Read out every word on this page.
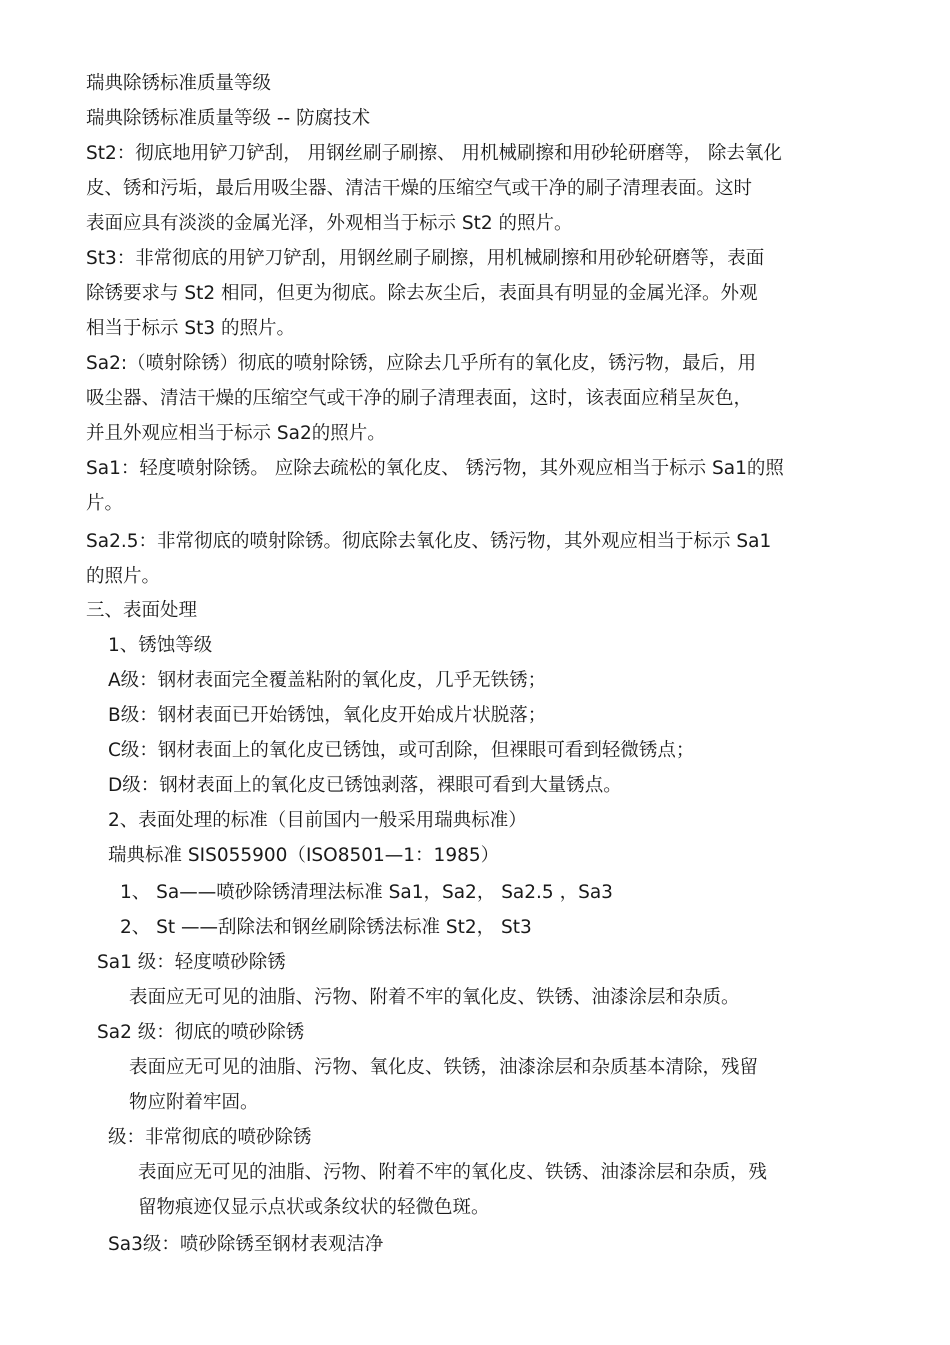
瑞典除锈标准质量等级
瑞典除锈标准质量等级 -- 防腐技术
St2：彻底地用铲刀铲刮， 用钢丝刷子刷擦、 用机械刷擦和用砂轮研磨等， 除去氧化
皮、锈和污垢，最后用吸尘器、清洁干燥的压缩空气或干净的刷子清理表面。这时
表面应具有淡淡的金属光泽，外观相当于标示 St2 的照片。
St3：非常彻底的用铲刀铲刮，用钢丝刷子刷擦，用机械刷擦和用砂轮研磨等，表面
除锈要求与 St2 相同，但更为彻底。除去灰尘后，表面具有明显的金属光泽。外观
相当于标示 St3 的照片。
Sa2:（喷射除锈）彻底的喷射除锈，应除去几乎所有的氧化皮，锈污物，最后，用
吸尘器、清洁干燥的压缩空气或干净的刷子清理表面，这时，该表面应稍呈灰色，
并且外观应相当于标示 Sa2的照片。
Sa1：轻度喷射除锈。 应除去疏松的氧化皮、 锈污物，其外观应相当于标示 Sa1的照
片。
Sa2.5：非常彻底的喷射除锈。彻底除去氧化皮、锈污物，其外观应相当于标示 Sa1
的照片。
三、表面处理
1、锈蚀等级
A级：钢材表面完全覆盖粘附的氧化皮，几乎无铁锈；
B级：钢材表面已开始锈蚀，氧化皮开始成片状脱落；
C级：钢材表面上的氧化皮已锈蚀，或可刮除，但裸眼可看到轻微锈点；
D级：钢材表面上的氧化皮已锈蚀剥落，裸眼可看到大量锈点。
2、表面处理的标准（目前国内一般采用瑞典标准）
瑞典标准 SIS055900（ISO8501—1：1985）
1、 Sa——喷砂除锈清理法标准 Sa1，Sa2， Sa2.5 ，Sa3
2、 St ——刮除法和钢丝刷除锈法标准 St2， St3
Sa1 级：轻度喷砂除锈
表面应无可见的油脂、污物、附着不牢的氧化皮、铁锈、油漆涂层和杂质。
Sa2 级：彻底的喷砂除锈
表面应无可见的油脂、污物、氧化皮、铁锈，油漆涂层和杂质基本清除，残留
物应附着牢固。
级：非常彻底的喷砂除锈
表面应无可见的油脂、污物、附着不牢的氧化皮、铁锈、油漆涂层和杂质，残
留物痕迹仅显示点状或条纹状的轻微色斑。
Sa3级：喷砂除锈至钢材表观洁净
